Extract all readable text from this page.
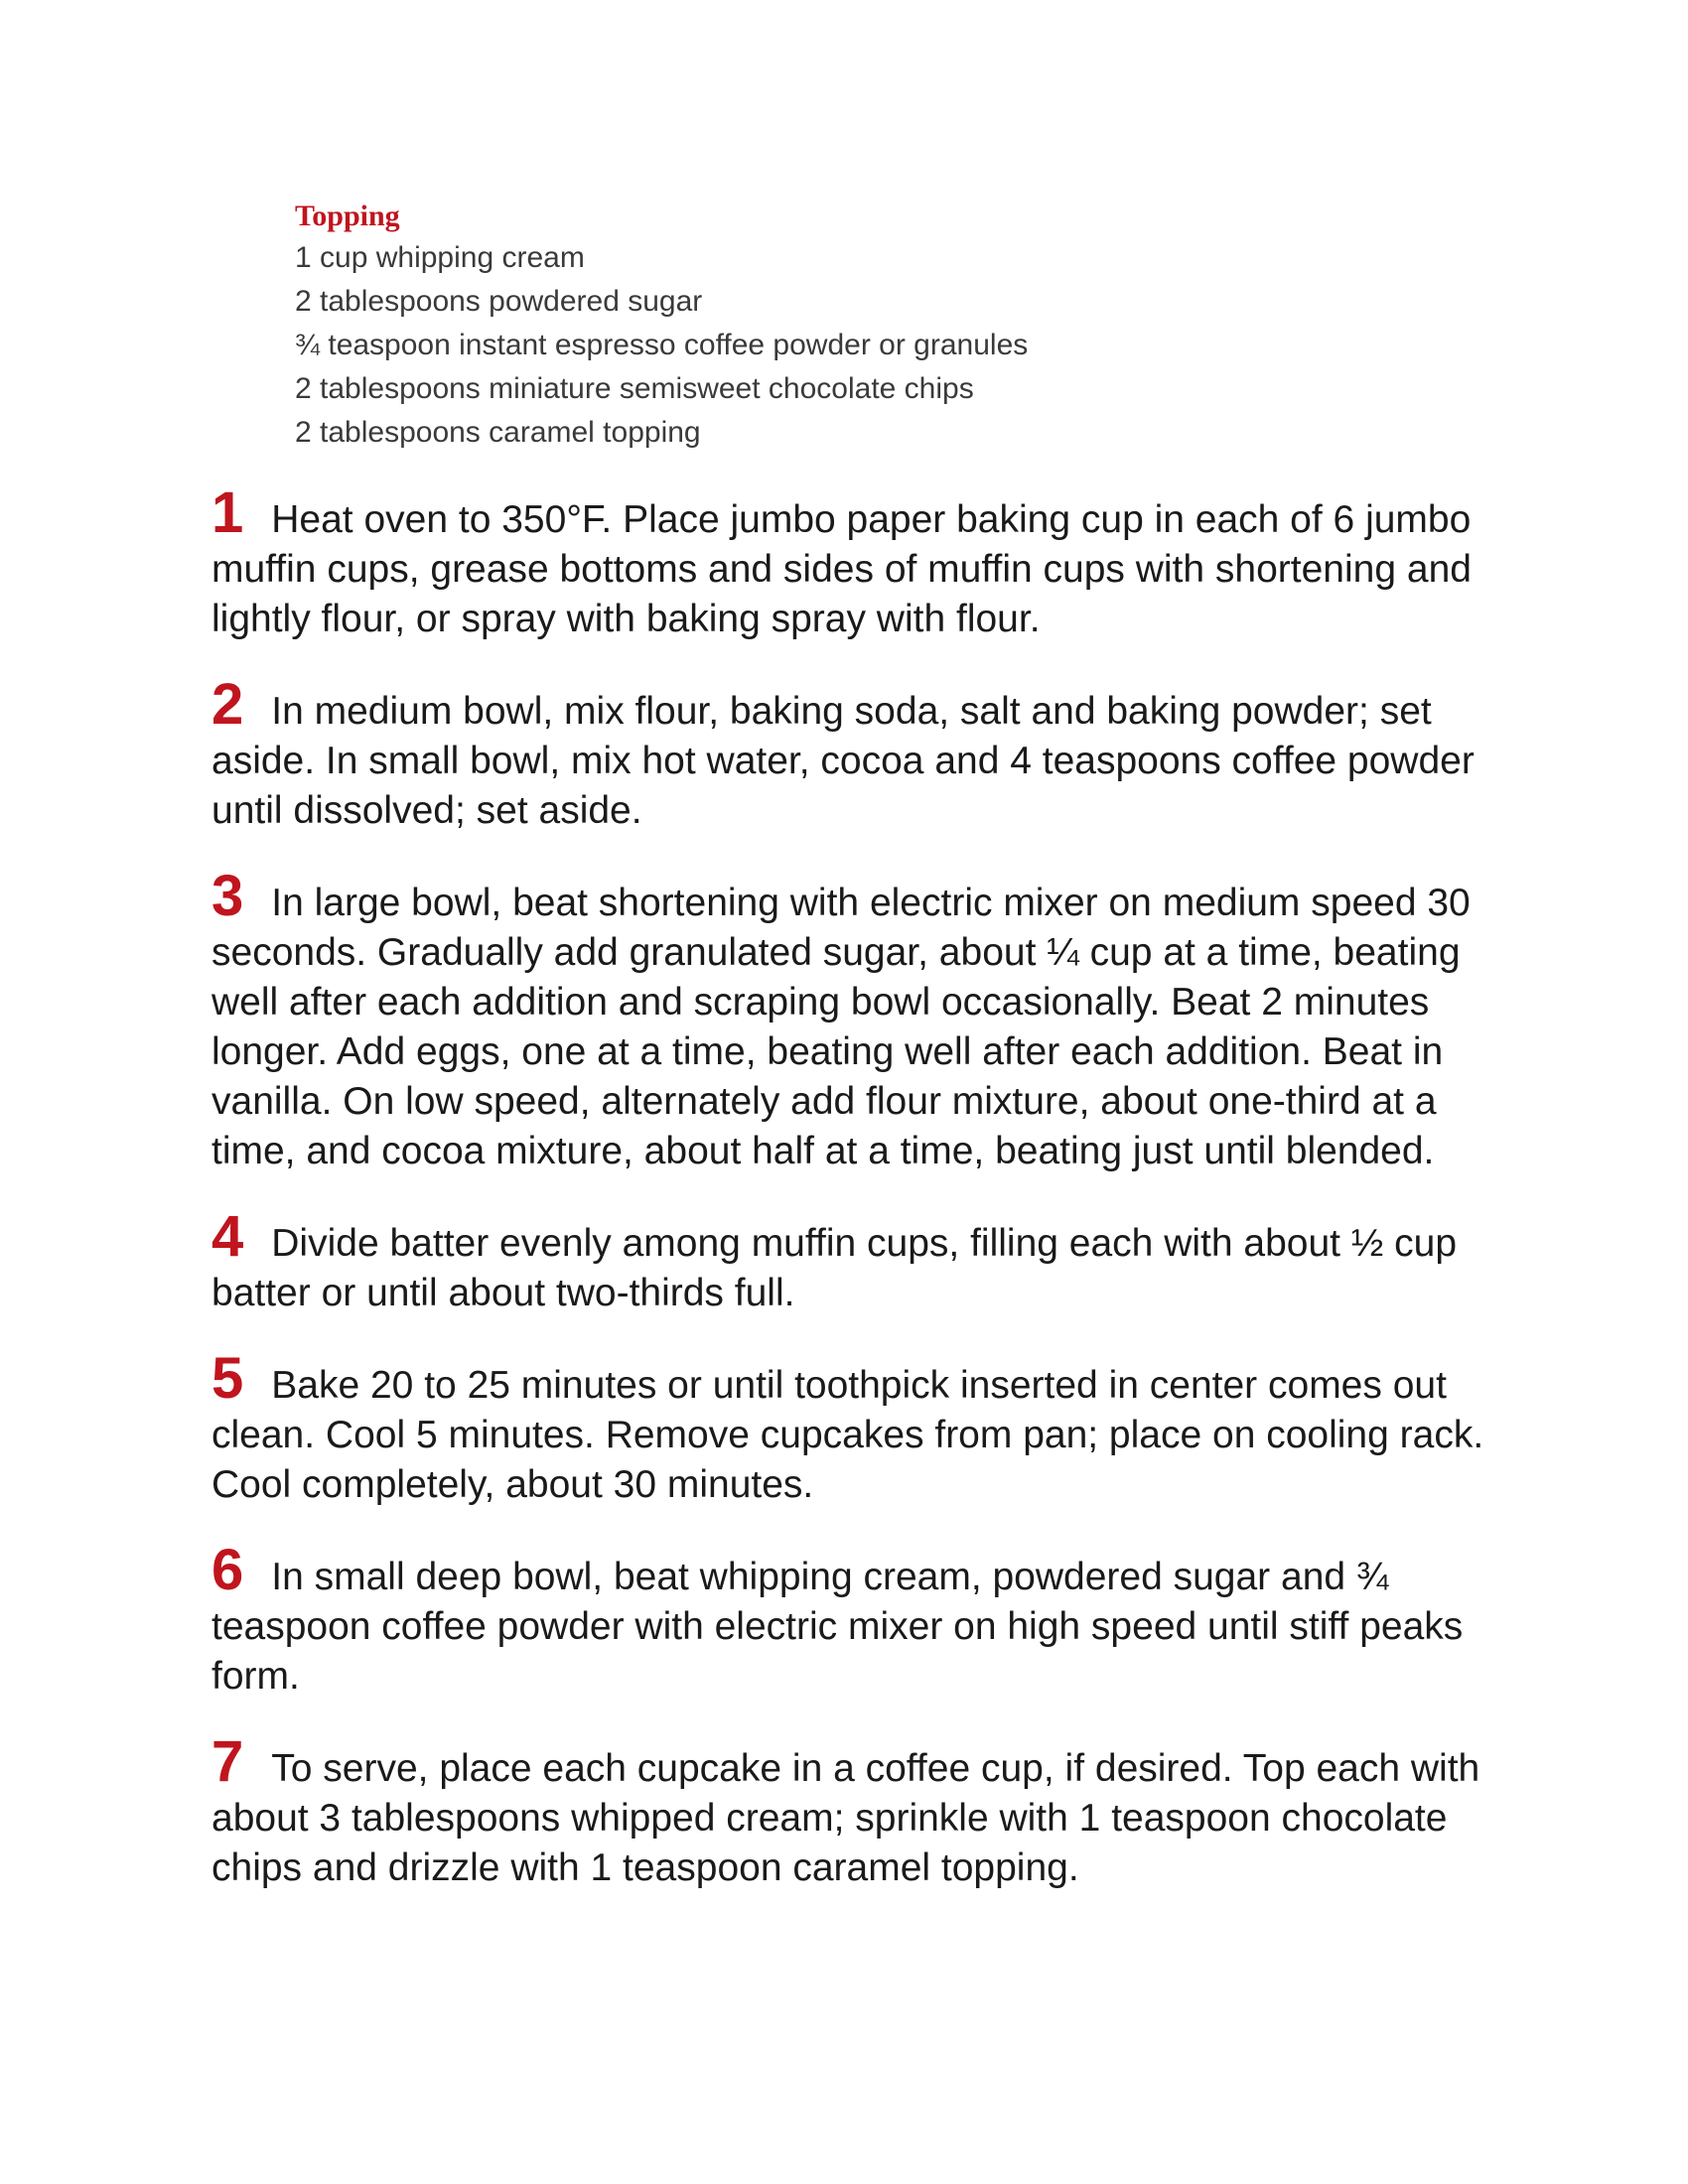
Topping
1 cup whipping cream
2 tablespoons powdered sugar
¾ teaspoon instant espresso coffee powder or granules
2 tablespoons miniature semisweet chocolate chips
2 tablespoons caramel topping

1 Heat oven to 350°F. Place jumbo paper baking cup in each of 6 jumbo muffin cups, grease bottoms and sides of muffin cups with shortening and lightly flour, or spray with baking spray with flour.

2 In medium bowl, mix flour, baking soda, salt and baking powder; set aside. In small bowl, mix hot water, cocoa and 4 teaspoons coffee powder until dissolved; set aside.

3 In large bowl, beat shortening with electric mixer on medium speed 30 seconds. Gradually add granulated sugar, about ¼ cup at a time, beating well after each addition and scraping bowl occasionally. Beat 2 minutes longer. Add eggs, one at a time, beating well after each addition. Beat in vanilla. On low speed, alternately add flour mixture, about one-third at a time, and cocoa mixture, about half at a time, beating just until blended.

4 Divide batter evenly among muffin cups, filling each with about ½ cup batter or until about two-thirds full.

5 Bake 20 to 25 minutes or until toothpick inserted in center comes out clean. Cool 5 minutes. Remove cupcakes from pan; place on cooling rack. Cool completely, about 30 minutes.

6 In small deep bowl, beat whipping cream, powdered sugar and ¾ teaspoon coffee powder with electric mixer on high speed until stiff peaks form.

7 To serve, place each cupcake in a coffee cup, if desired. Top each with about 3 tablespoons whipped cream; sprinkle with 1 teaspoon chocolate chips and drizzle with 1 teaspoon caramel topping.
